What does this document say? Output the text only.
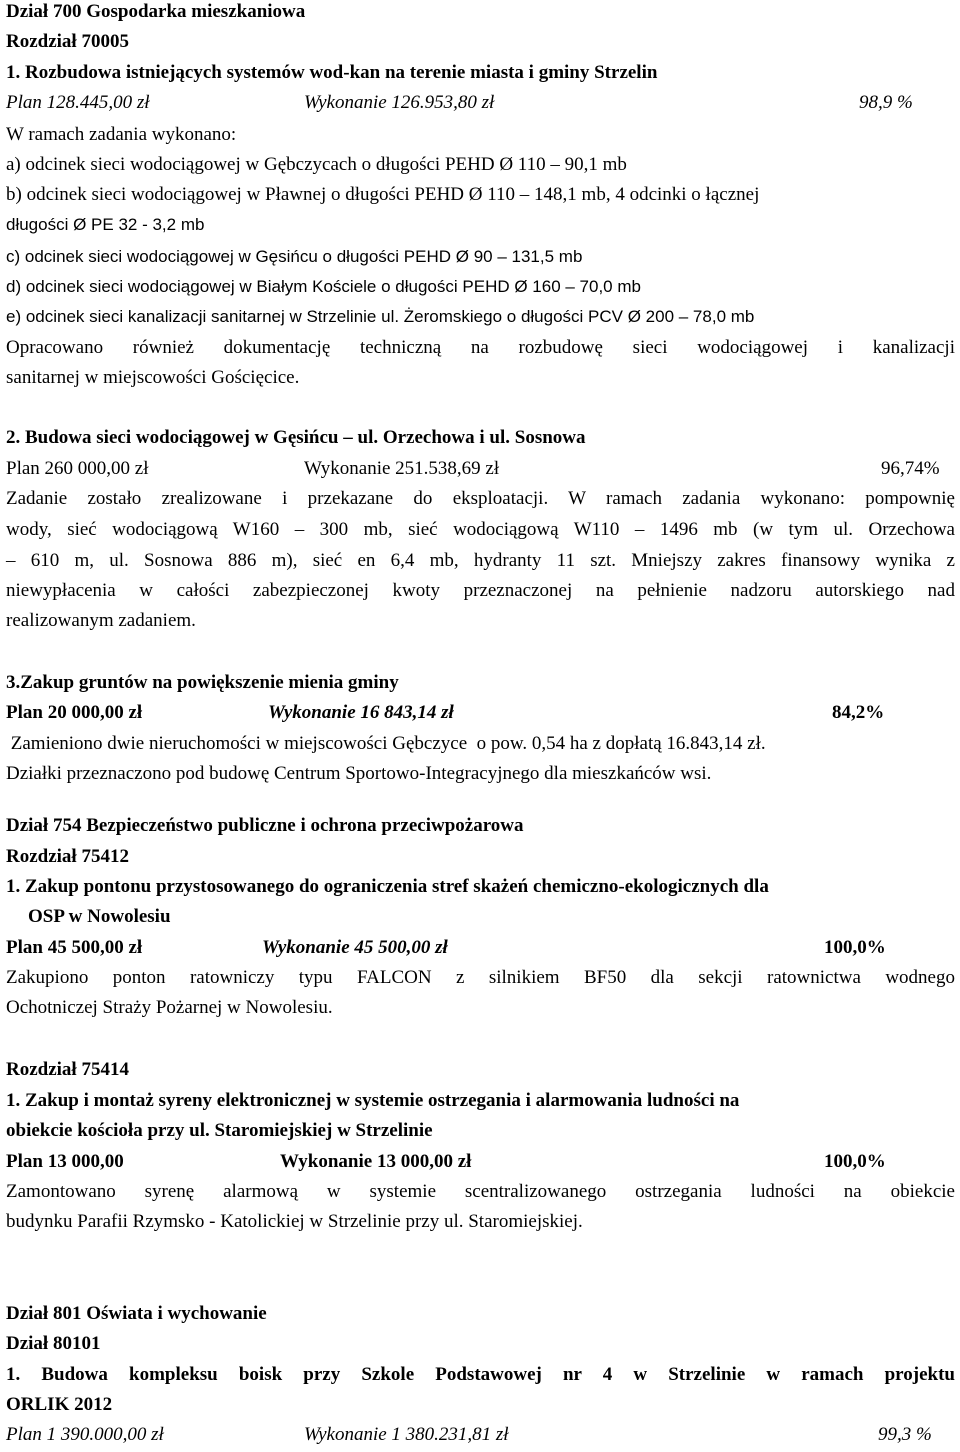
Dział 700 Gospodarka mieszkaniowa
Rozdział 70005
1. Rozbudowa istniejących systemów wod-kan na terenie miasta i gminy Strzelin
Plan 128.445,00 zł	Wykonanie 126.953,80 zł	98,9 %
W ramach zadania wykonano:
a) odcinek sieci wodociągowej w Gębczycach o długości PEHD Ø 110 – 90,1 mb
b) odcinek sieci wodociągowej w Pławnej o długości PEHD Ø 110 – 148,1 mb, 4 odcinki o łącznej
długości Ø PE 32 - 3,2 mb
c) odcinek sieci wodociągowej w Gęsińcu o długości PEHD Ø 90 – 131,5 mb
d) odcinek sieci wodociągowej w Białym Kościele o długości PEHD Ø 160 – 70,0 mb
e) odcinek sieci kanalizacji sanitarnej w Strzelinie ul. Żeromskiego o długości PCV Ø 200 – 78,0 mb
Opracowano również dokumentację techniczną na rozbudowę sieci wodociągowej i kanalizacji
sanitarnej w miejscowości Gościęcice.
2. Budowa sieci wodociągowej w Gęsińcu – ul. Orzechowa i ul. Sosnowa
Plan 260 000,00 zł	Wykonanie 251.538,69 zł	96,74%
Zadanie zostało zrealizowane i przekazane do eksploatacji. W ramach zadania wykonano: pompownię
wody, sieć wodociągową W160 – 300 mb, sieć wodociągową W110 – 1496 mb (w tym ul. Orzechowa
– 610 m, ul. Sosnowa 886 m), sieć en 6,4 mb, hydranty 11 szt. Mniejszy zakres finansowy wynika z
niewypłacenia w całości zabezpieczonej kwoty przeznaczonej na pełnienie nadzoru autorskiego nad
realizowanym zadaniem.
3.Zakup gruntów na powiększenie mienia gminy
Plan 20 000,00 zł	Wykonanie 16 843,14 zł	84,2%
Zamieniono dwie nieruchomości w miejscowości Gębczyce  o pow. 0,54 ha z dopłatą 16.843,14 zł.
Działki przeznaczono pod budowę Centrum Sportowo-Integracyjnego dla mieszkańców wsi.
Dział 754 Bezpieczeństwo publiczne i ochrona przeciwpożarowa
Rozdział 75412
1. Zakup pontonu przystosowanego do ograniczenia stref skażeń chemiczno-ekologicznych dla
OSP w Nowolesiu
Plan 45 500,00 zł	Wykonanie 45 500,00 zł	100,0%
Zakupiono ponton ratowniczy typu FALCON z silnikiem BF50 dla sekcji ratownictwa wodnego
Ochotniczej Straży Pożarnej w Nowolesiu.
Rozdział 75414
1. Zakup i montaż syreny elektronicznej w systemie ostrzegania i alarmowania ludności na
obiekcie kościoła przy ul. Staromiejskiej w Strzelinie
Plan 13 000,00	Wykonanie 13 000,00 zł	100,0%
Zamontowano syrenę alarmową w systemie scentralizowanego ostrzegania ludności na obiekcie
budynku Parafii Rzymsko - Katolickiej w Strzelinie przy ul. Staromiejskiej.
Dział 801 Oświata i wychowanie
Dział 80101
1. Budowa kompleksu boisk przy Szkole Podstawowej nr 4 w Strzelinie w ramach projektu
ORLIK 2012
Plan 1 390.000,00 zł	Wykonanie 1 380.231,81 zł	99,3 %
